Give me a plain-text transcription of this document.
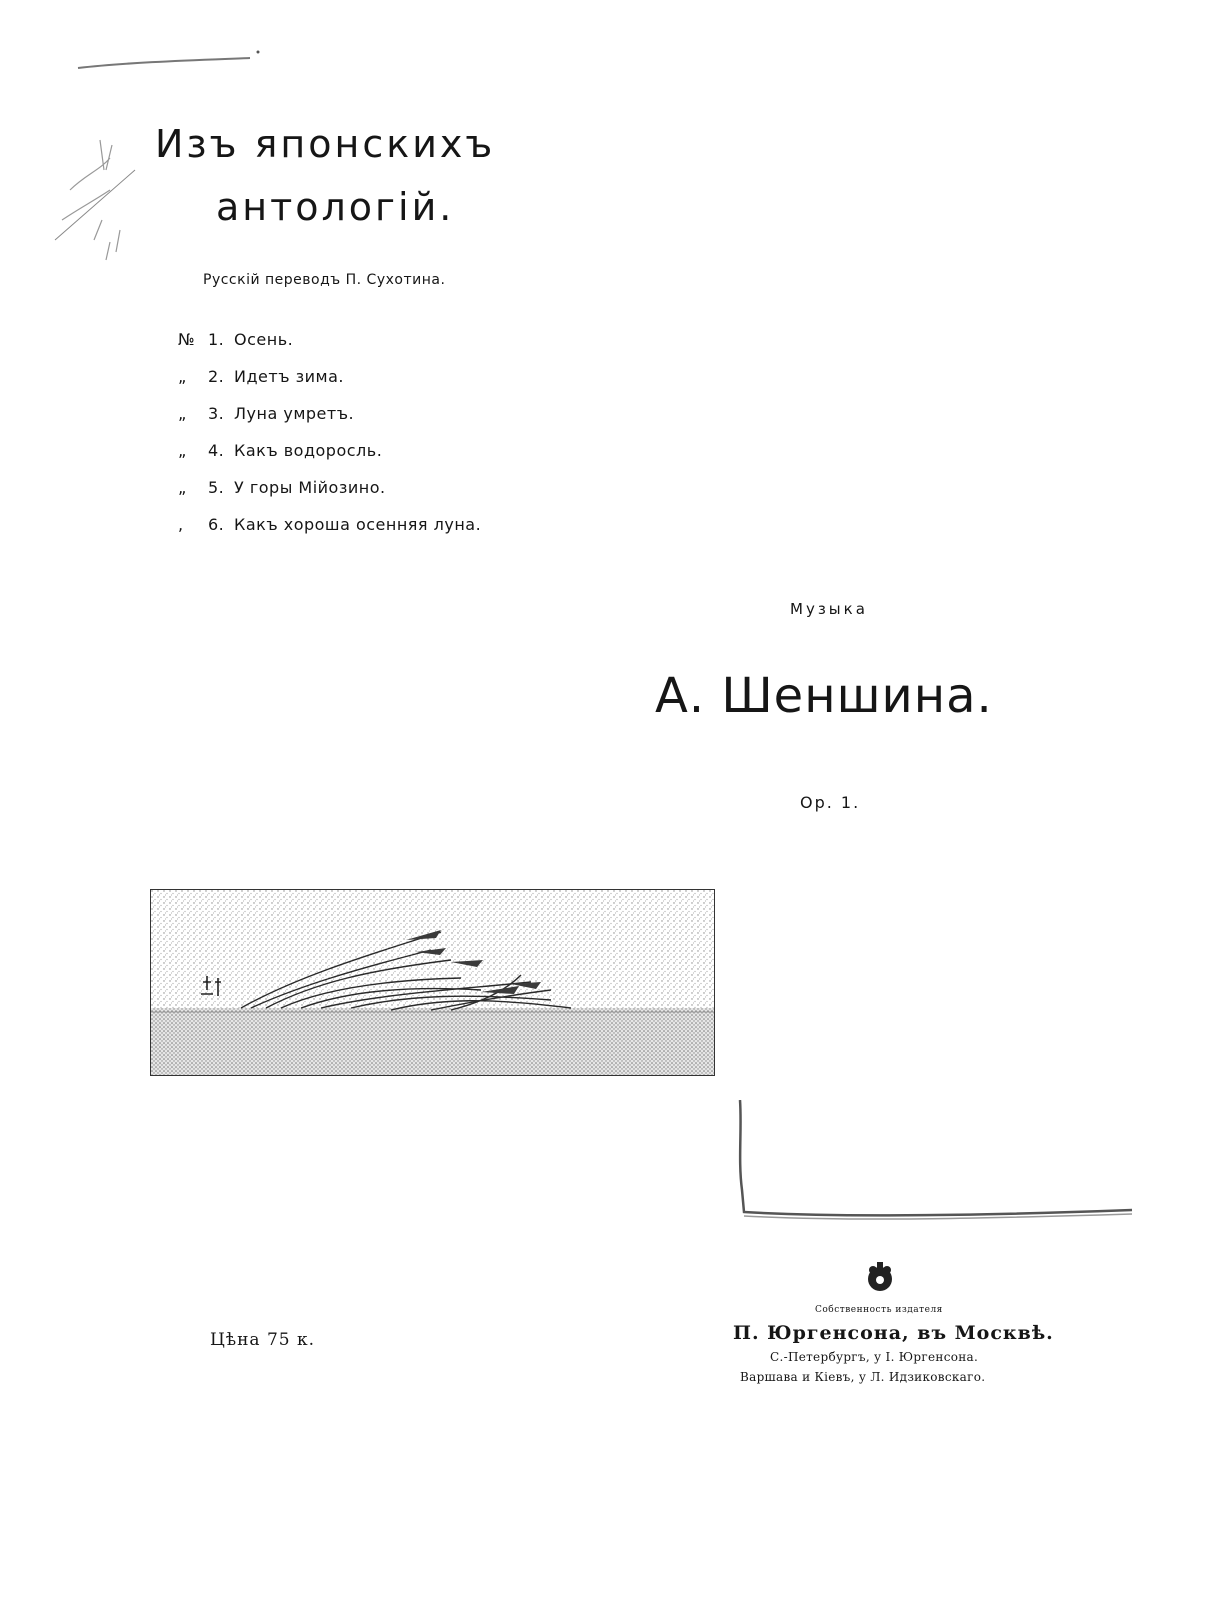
Изъ японскихъ
антологій.
Русскій переводъ П. Сухотина.
№ 1. Осень.
„	2. Идетъ зима.
„	3. Луна умретъ.
„	4. Какъ водоросль.
„	5. У горы Мійозино.
,	6. Какъ хороша осенняя луна.
Музыка
А. Шеншина.
Op. 1.
Цѣна 75 к.
Собственность издателя
П. Юргенсона, въ Москвѣ.
С.-Петербургъ, у I. Юргенсона.
Варшава и Кіевъ, у Л. Идзиковскаго.
